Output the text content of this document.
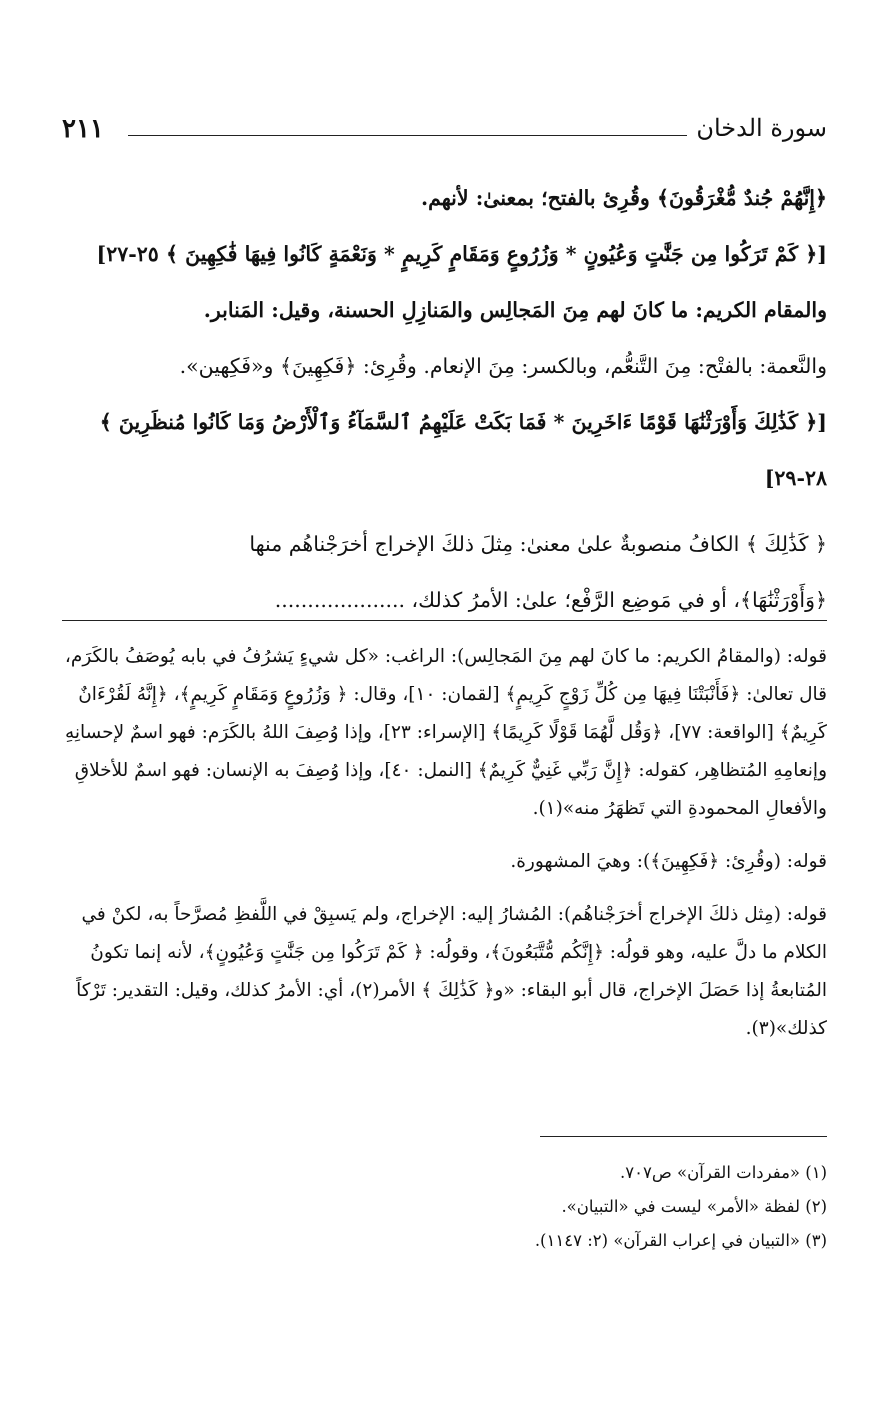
سورة الدخان
٢١١
﴿إِنَّهُمْ جُندٌ مُّغْرَقُونَ﴾ وقُرِئ بالفتح؛ بمعنىٰ: لأنهم.
[﴿ كَمْ تَرَكُوا مِن جَنَّٰتٍ وَعُيُونٍ * وَزُرُوعٍ وَمَقَامٍ كَرِيمٍ * وَنَعْمَةٍ كَانُوا فِيهَا فَٰكِهِينَ ﴾ ٢٥-٢٧]
والمقام الكريم: ما كانَ لهم مِنَ المَجالِس والمَنازِلِ الحسنة، وقيل: المَنابر.
والنَّعمة: بالفتْح: مِنَ التَّنعُّم، وبالكسر: مِنَ الإنعام. وقُرِئ: ﴿فَكِهِينَ﴾ و«فَكِهين».
[﴿ كَذَٰلِكَ وَأَوْرَثْنَٰهَا قَوْمًا ءَاخَرِينَ * فَمَا بَكَتْ عَلَيْهِمُ ٱلسَّمَآءُ وَٱلْأَرْضُ وَمَا كَانُوا مُنظَرِينَ ﴾
٢٨-٢٩]
﴿ كَذَٰلِكَ ﴾ الكافُ منصوبةٌ علىٰ معنىٰ: مِثلَ ذلكَ الإخراج أخرَجْناهُم منها
﴿وَأَوْرَثْنَٰهَا﴾، أو في مَوضِع الرَّفْع؛ علىٰ: الأمرُ كذلك، ....................

قوله: (والمقامُ الكريم: ما كانَ لهم مِنَ المَجالِس): الراغب: «كل شيءٍ يَشرُفُ في بابه يُوصَفُ بالكَرَم، قال تعالىٰ: ﴿فَأَنْبَتْنَا فِيهَا مِن كُلِّ زَوْجٍ كَرِيمٍ﴾ [لقمان: ١٠]، وقال: ﴿ وَزُرُوعٍ وَمَقَامٍ كَرِيمٍ﴾، ﴿إِنَّهُ لَقُرْءَانٌ كَرِيمٌ﴾ [الواقعة: ٧٧]، ﴿وَقُل لَّهُمَا قَوْلًا كَرِيمًا﴾ [الإسراء: ٢٣]، وإذا وُصِفَ اللهُ بالكَرَم: فهو اسمٌ لإحسانِهِ وإنعامِهِ المُتظاهِر، كقوله: ﴿إِنَّ رَبِّي غَنِيٌّ كَرِيمٌ﴾ [النمل: ٤٠]، وإذا وُصِفَ به الإنسان: فهو اسمٌ للأخلاقِ والأفعالِ المحمودةِ التي تَظهَرُ منه»(١).

قوله: (وقُرِئ: ﴿فَكِهِينَ﴾): وهيَ المشهورة.

قوله: (مِثل ذلكَ الإخراج أخرَجْناهُم): المُشارُ إليه: الإخراج، ولم يَسبِقْ في اللَّفظِ مُصرَّحاً به، لكنْ في الكلام ما دلَّ عليه، وهو قولُه: ﴿إِنَّكُم مُّتَّبَعُونَ﴾، وقولُه: ﴿ كَمْ تَرَكُوا مِن جَنَّٰتٍ وَعُيُونٍ﴾، لأنه إنما تكونُ المُتابعةُ إذا حَصَلَ الإخراج، قال أبو البقاء: «و﴿ كَذَٰلِكَ ﴾ الأمر(٢)، أي: الأمرُ كذلك، وقيل: التقدير: تَرْكاً كذلك»(٣).

(١) «مفردات القرآن» ص٧٠٧.
(٢) لفظة «الأمر» ليست في «التبيان».
(٣) «التبيان في إعراب القرآن» (٢: ١١٤٧).
